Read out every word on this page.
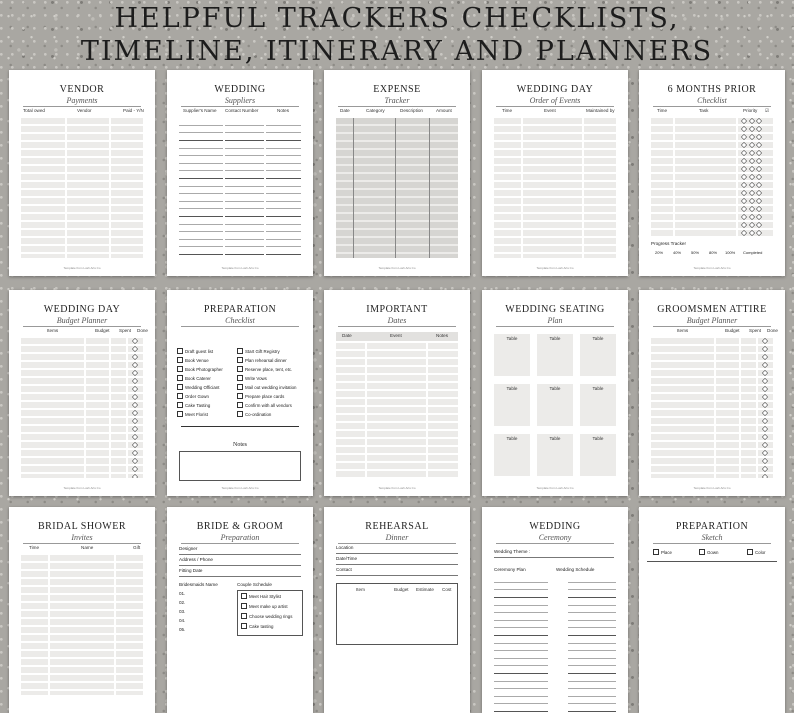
HELPFUL TRACKERS CHECKLISTS,
TIMELINE, ITINERARY AND PLANNERS
VENDOR
Payments
Total owed	Vendor	Paid - Y/N
Template from Lush Arts Co
WEDDING
Suppliers
Supplier's Name Contact Number	Notes
Template from Lush Arts Co
EXPENSE
Tracker
Date	Category	Description	Amount
Template from Lush Arts Co
WEDDING DAY
Order of Events
Time	Event	Maintained by
Template from Lush Arts Co
6 MONTHS PRIOR
Checklist
Time	Task	Priority ☑
Progress Tracker
20% 40% 50% 80% 100% Completed
Template from Lush Arts Co
WEDDING DAY
Budget Planner
Items	Budget Spent Done
Template from Lush Arts Co
PREPARATION
Checklist
Draft guest list
Book Venue
Book Photographer
Book Caterer
Wedding Officiant
Order Gown
Cake Tasting
Meet Florist
Start Gift Registry
Plan rehearsal dinner
Reserve place, tent, etc.
Write Vows
Mail out wedding invitation
Prepare place cards
Confirm with all vendors
Co-ordination
Notes
Template from Lush Arts Co
IMPORTANT
Dates
Date	Event	Notes
Template from Lush Arts Co
WEDDING SEATING
Plan
Table	Table	Table
Table	Table	Table
Table	Table	Table
Template from Lush Arts Co
GROOMSMEN ATTIRE
Budget Planner
Items	Budget Spent Done
Template from Lush Arts Co
BRIDAL SHOWER
Invites
Time	Name	Gift
BRIDE & GROOM
Preparation
Designer
Address / Phone
Fitting Date
Bridesmaids Name	Couple Schedule
01.
02.
03.
04.
05.
Meet Hair Stylist
Meet make up artist
Choose wedding rings
Cake tasting
REHEARSAL
Dinner
Location
Date/Time
Contact
Item	Budget Estimate Cost
WEDDING
Ceremony
Wedding Theme :
Ceremony Plan	Wedding Schedule
PREPARATION
Sketch
Place	Gown	Color
